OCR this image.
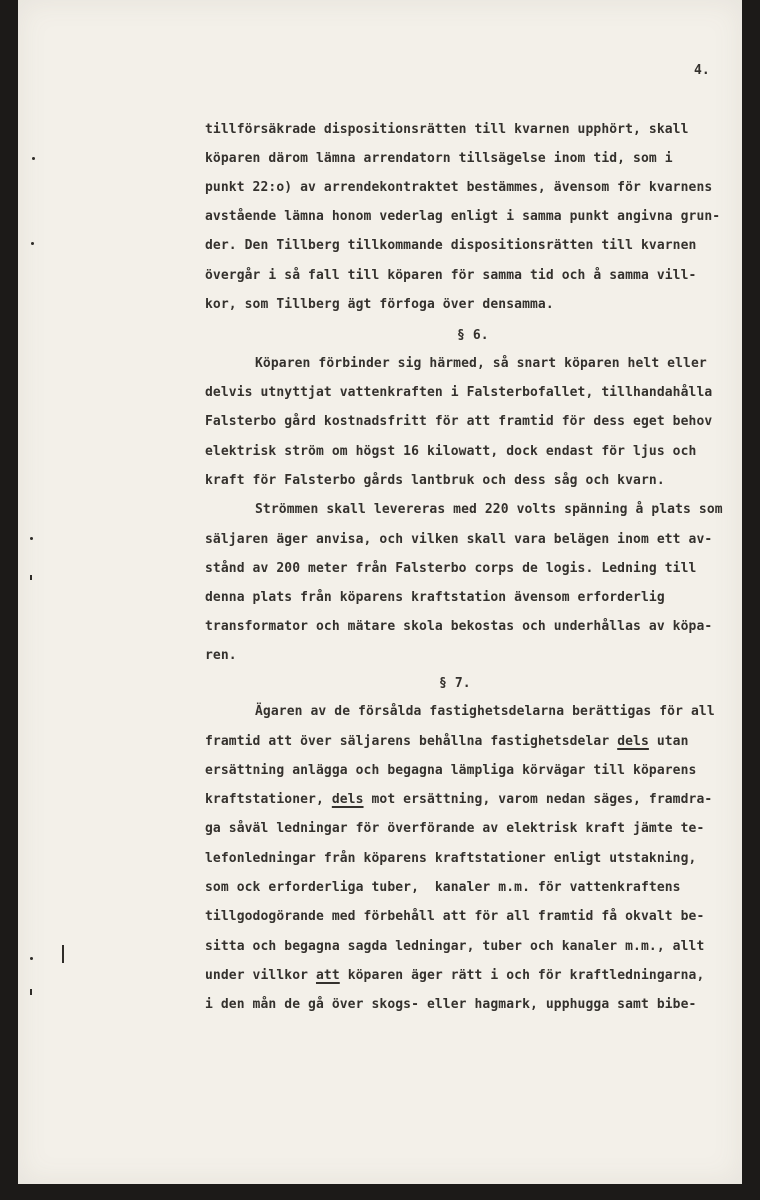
4.
tillförsäkrade dispositionsrätten till kvarnen upphört, skall
köparen därom lämna arrendatorn tillsägelse inom tid, som i
punkt 22:o) av arrendekontraktet bestämmes, ävensom för kvarnens
avstående lämna honom vederlag enligt i samma punkt angivna grun-
der. Den Tillberg tillkommande dispositionsrätten till kvarnen
övergår i så fall till köparen för samma tid och å samma vill-
kor, som Tillberg ägt förfoga över densamma.
§ 6.
Köparen förbinder sig härmed, så snart köparen helt eller
delvis utnyttjat vattenkraften i Falsterbofallet, tillhandahålla
Falsterbo gård kostnadsfritt för att framtid för dess eget behov
elektrisk ström om högst 16 kilowatt, dock endast för ljus och
kraft för Falsterbo gårds lantbruk och dess såg och kvarn.
Strömmen skall levereras med 220 volts spänning å plats som
säljaren äger anvisa, och vilken skall vara belägen inom ett av-
stånd av 200 meter från Falsterbo corps de logis. Ledning till
denna plats från köparens kraftstation ävensom erforderlig
transformator och mätare skola bekostas och underhållas av köpa-
ren.
§ 7.
Ägaren av de försålda fastighetsdelarna berättigas för all
framtid att över säljarens behållna fastighetsdelar dels utan
ersättning anlägga och begagna lämpliga körvägar till köparens
kraftstationer, dels mot ersättning, varom nedan säges, framdra-
ga såväl ledningar för överförande av elektrisk kraft jämte te-
lefonledningar från köparens kraftstationer enligt utstakning,
som ock erforderliga tuber,  kanaler m.m. för vattenkraftens
tillgodogörande med förbehåll att för all framtid få okvalt be-
sitta och begagna sagda ledningar, tuber och kanaler m.m., allt
under villkor att köparen äger rätt i och för kraftledningarna,
i den mån de gå över skogs- eller hagmark, upphugga samt bibe-
